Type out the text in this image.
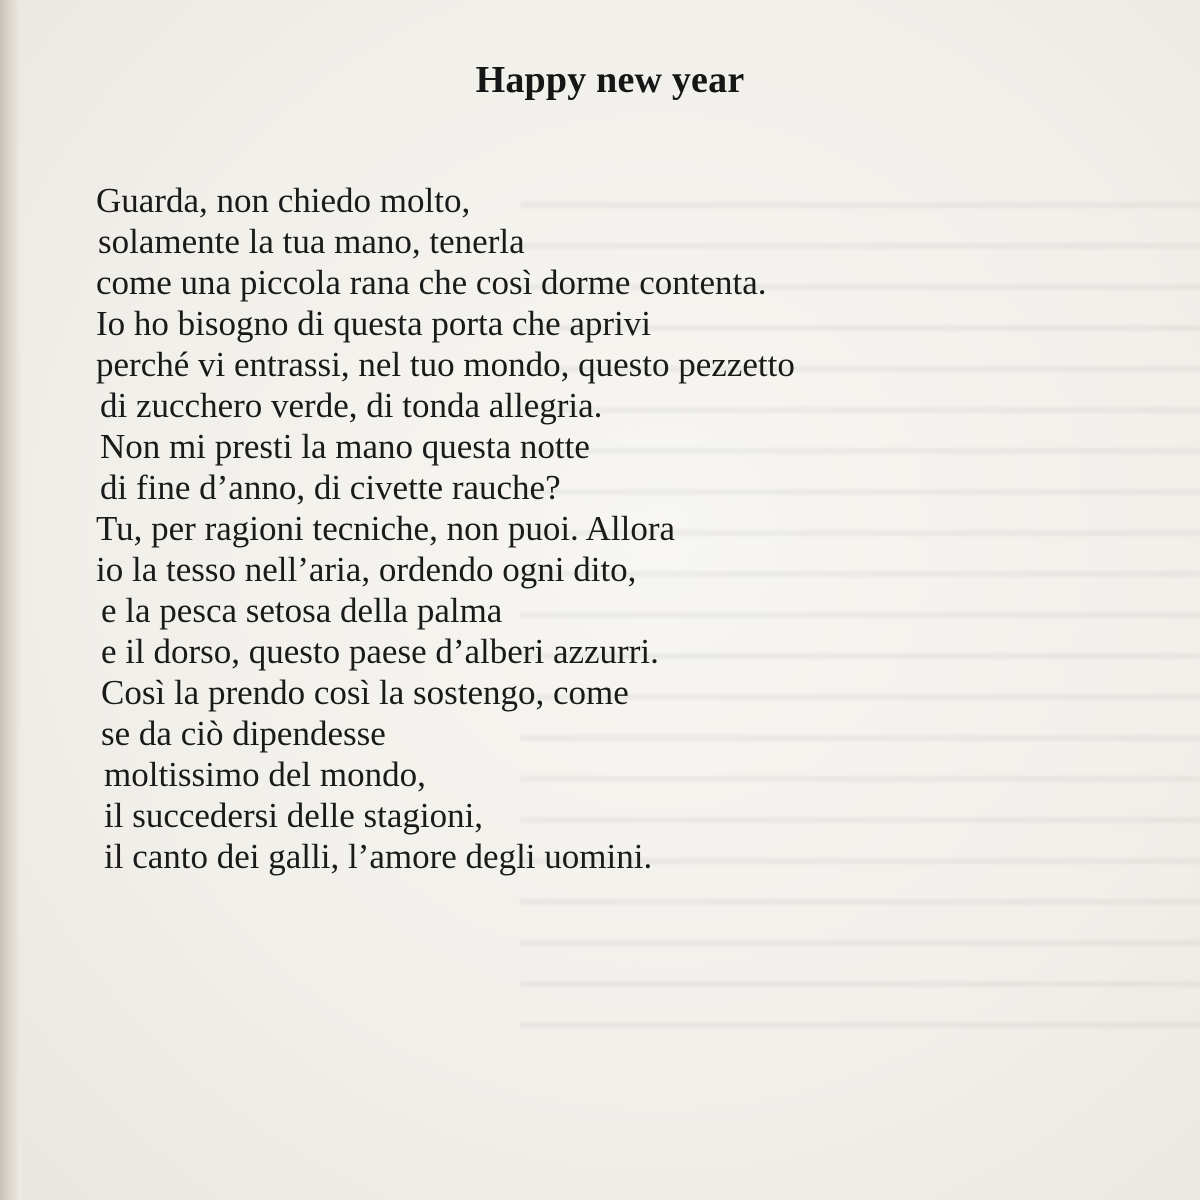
Happy new year
Guarda, non chiedo molto,
solamente la tua mano, tenerla
come una piccola rana che così dorme contenta.
Io ho bisogno di questa porta che aprivi
perché vi entrassi, nel tuo mondo, questo pezzetto
di zucchero verde, di tonda allegria.
Non mi presti la mano questa notte
di fine d’anno, di civette rauche?
Tu, per ragioni tecniche, non puoi. Allora
io la tesso nell’aria, ordendo ogni dito,
e la pesca setosa della palma
e il dorso, questo paese d’alberi azzurri.
Così la prendo così la sostengo, come
se da ciò dipendesse
moltissimo del mondo,
il succedersi delle stagioni,
il canto dei galli, l’amore degli uomini.
